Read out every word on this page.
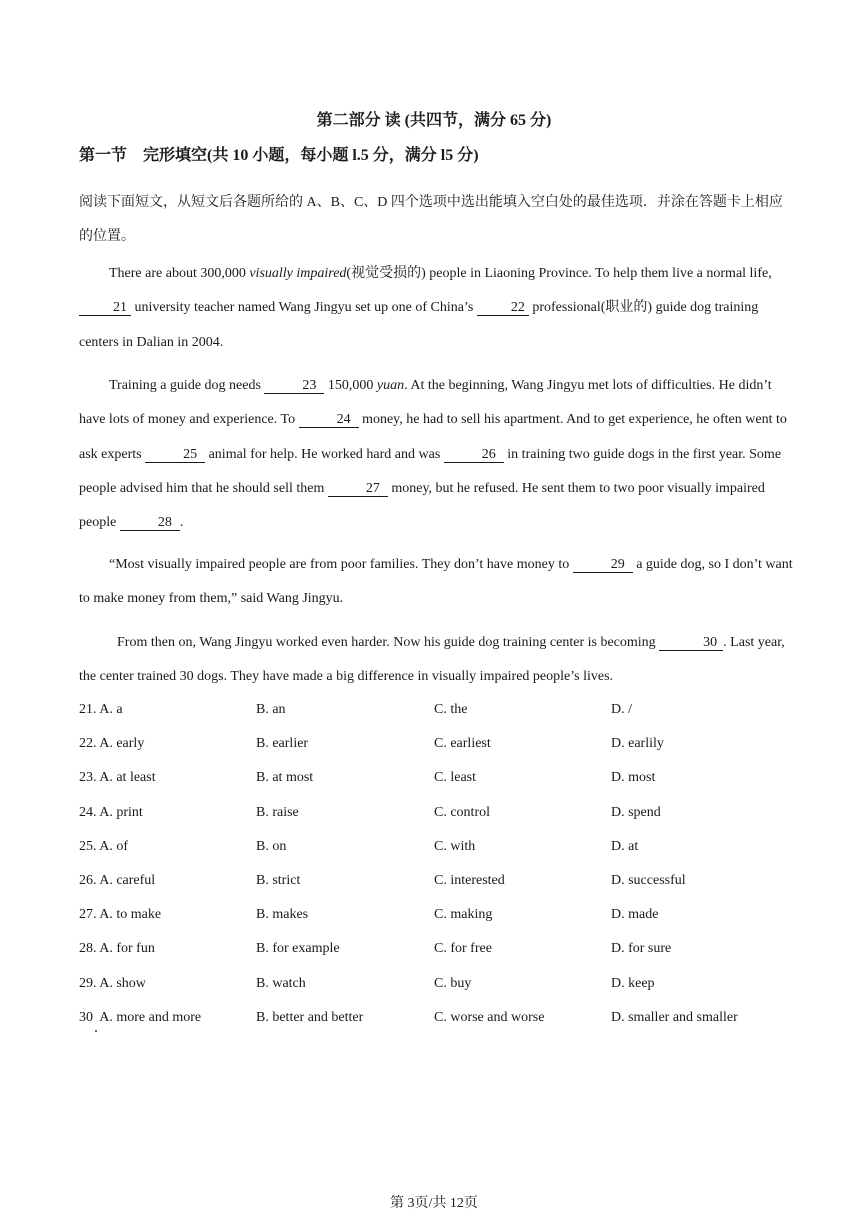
第二部分 读 (共四节，满分 65 分)
第一节    完形填空(共 10 小题，每小题 l.5 分，满分 l5 分)
阅读下面短文，从短文后各题所给的 A、B、C、D 四个选项中选出能填入空白处的最佳选项．并涂在答题卡上相应的位置。
There are about 300,000 visually impaired(视觉受损的) people in Liaoning Province. To help them live a normal life, 21 university teacher named Wang Jingyu set up one of China’s 22 professional(职业的) guide dog training centers in Dalian in 2004.
Training a guide dog needs	23 150,000 yuan. At the beginning, Wang Jingyu met lots of difficulties. He didn’t have lots of money and experience. To	24 money, he had to sell his apartment. And to get experience, he often went to ask experts	25 animal for help. He worked hard and was	26 in training two guide dogs in the first year. Some people advised him that he should sell them	27 money, but he refused. He sent them to two poor visually impaired people	28 .
“Most visually impaired people are from poor families. They don’t have money to	29 a guide dog, so I don’t want to make money from them,” said Wang Jingyu.
From then on, Wang Jingyu worked even harder. Now his guide dog training center is becoming	30 . Last year, the center trained 30 dogs. They have made a big difference in visually impaired people’s lives.
21. A. a	B. an	C. the	D. /
22. A. early	B. earlier	C. earliest	D. earlily
23. A. at least	B. at most	C. least	D. most
24. A. print	B. raise	C. control	D. spend
25. A. of	B. on	C. with	D. at
26. A. careful	B. strict	C. interested	D. successful
27. A. to make	B. makes	C. making	D. made
28. A. for fun	B. for example	C. for free	D. for sure
29. A. show	B. watch	C. buy	D. keep
30  A. more and more	B. better and better	C. worse and worse	D. smaller and smaller
第 3页/共 12页
